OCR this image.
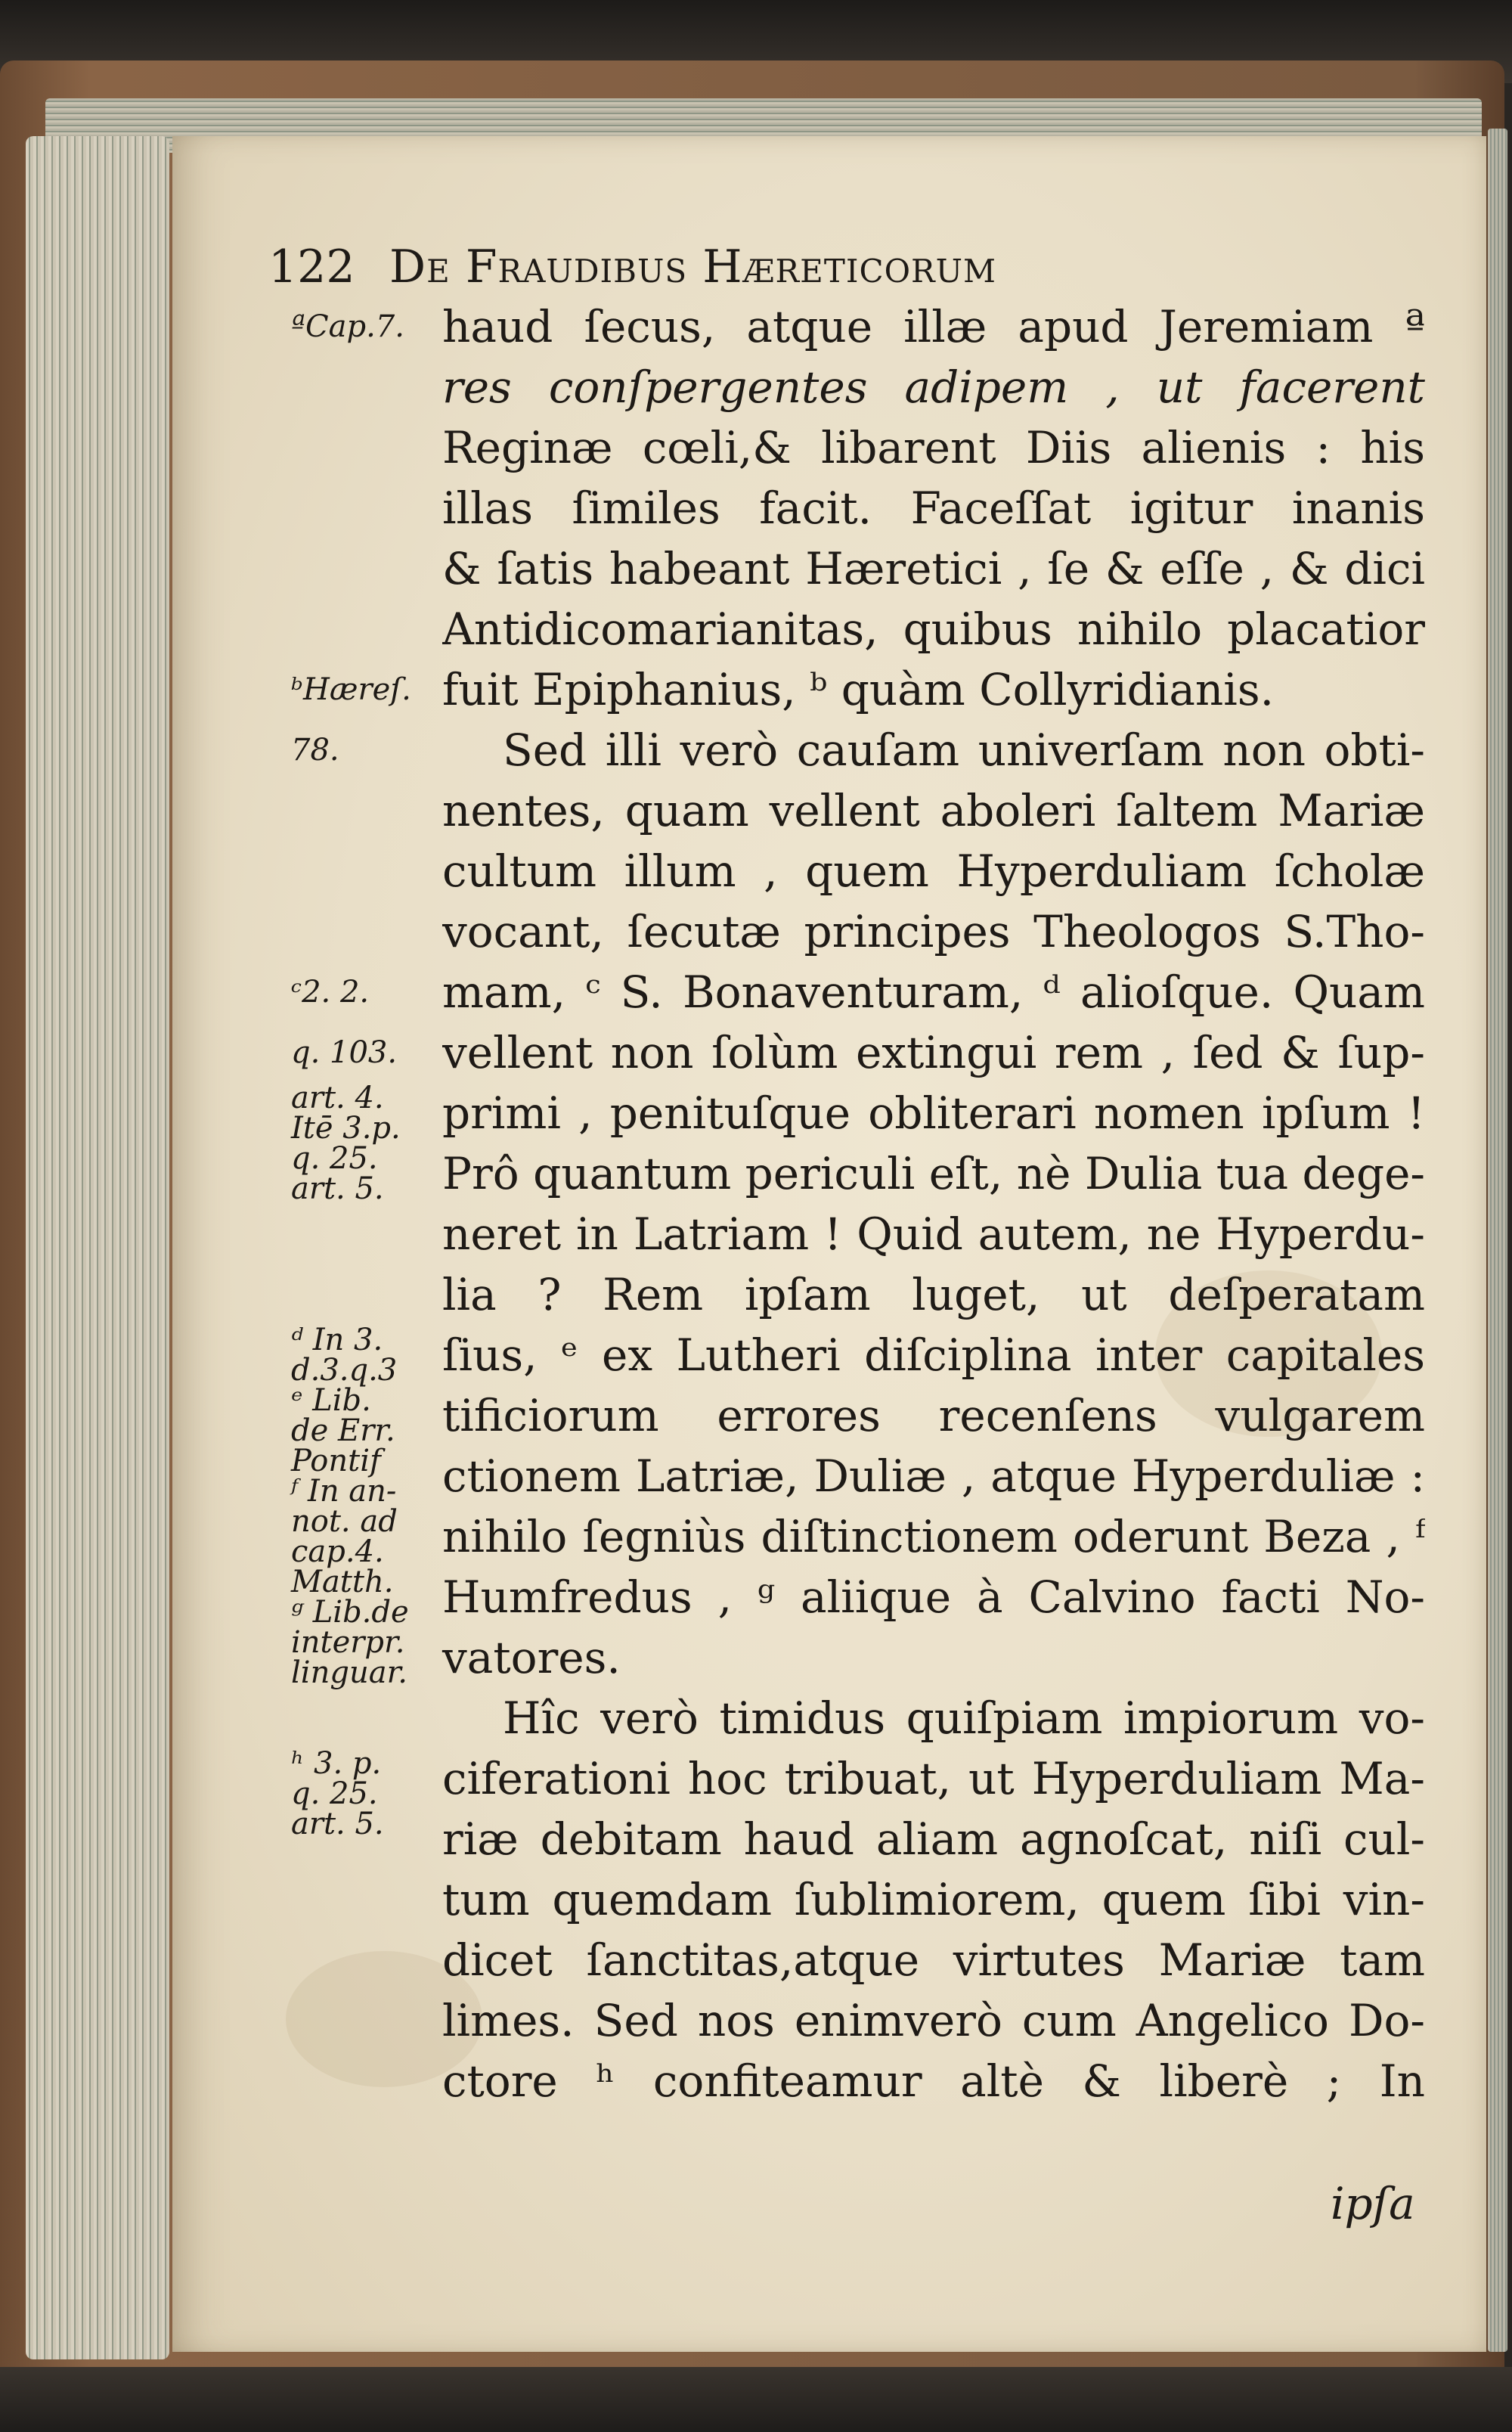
122 De Fraudibus Hæreticorum
haud ſecus, atque illæ apud Jeremiam ª
res conſpergentes adipem , ut facerent
Reginæ cœli,& libarent Diis alienis : his
illas ſimiles facit. Faceſſat igitur inanis
& ſatis habeant Hæretici , ſe & eſſe , & dici
Antidicomarianitas, quibus nihilo placatior
fuit Epiphanius, ᵇ quàm Collyridianis.
Sed illi verò cauſam univerſam non obti-
nentes, quam vellent aboleri ſaltem Mariæ
cultum illum , quem Hyperduliam ſcholæ
vocant, ſecutæ principes Theologos S.Tho-
mam, ᶜ S. Bonaventuram, ᵈ alioſque. Quam
vellent non ſolùm extingui rem , ſed & ſup-
primi , penituſque obliterari nomen ipſum !
Prô quantum periculi eſt, nè Dulia tua dege-
neret in Latriam ! Quid autem, ne Hyperdu-
lia ? Rem ipſam luget, ut deſperatam
ſius, ᵉ ex Lutheri diſciplina inter capitales
tificiorum errores recenſens vulgarem
ctionem Latriæ, Duliæ , atque Hyperduliæ :
nihilo ſegniùs diſtinctionem oderunt Beza , ᶠ
Humfredus , ᵍ aliique à Calvino facti No-
vatores.
Hîc verò timidus quiſpiam impiorum vo-
ciferationi hoc tribuat, ut Hyperduliam Ma-
riæ debitam haud aliam agnoſcat, niſi cul-
tum quemdam ſublimiorem, quem ſibi vin-
dicet ſanctitas,atque virtutes Mariæ tam
limes. Sed nos enimverò cum Angelico Do-
ctore ʰ confiteamur altè & liberè ; In
ipſa
ªCap.7.
ᵇHæreſ.
78.
ᶜ2. 2.
q. 103.
art. 4.
Itē 3.p.
q. 25.
art. 5.
ᵈ In 3.
d.3.q.3
ᵉ Lib.
de Err.
Pontif
ᶠ In an-
not. ad
cap.4.
Matth.
ᵍ Lib.de
interpr.
linguar.
ʰ 3. p.
q. 25.
art. 5.
